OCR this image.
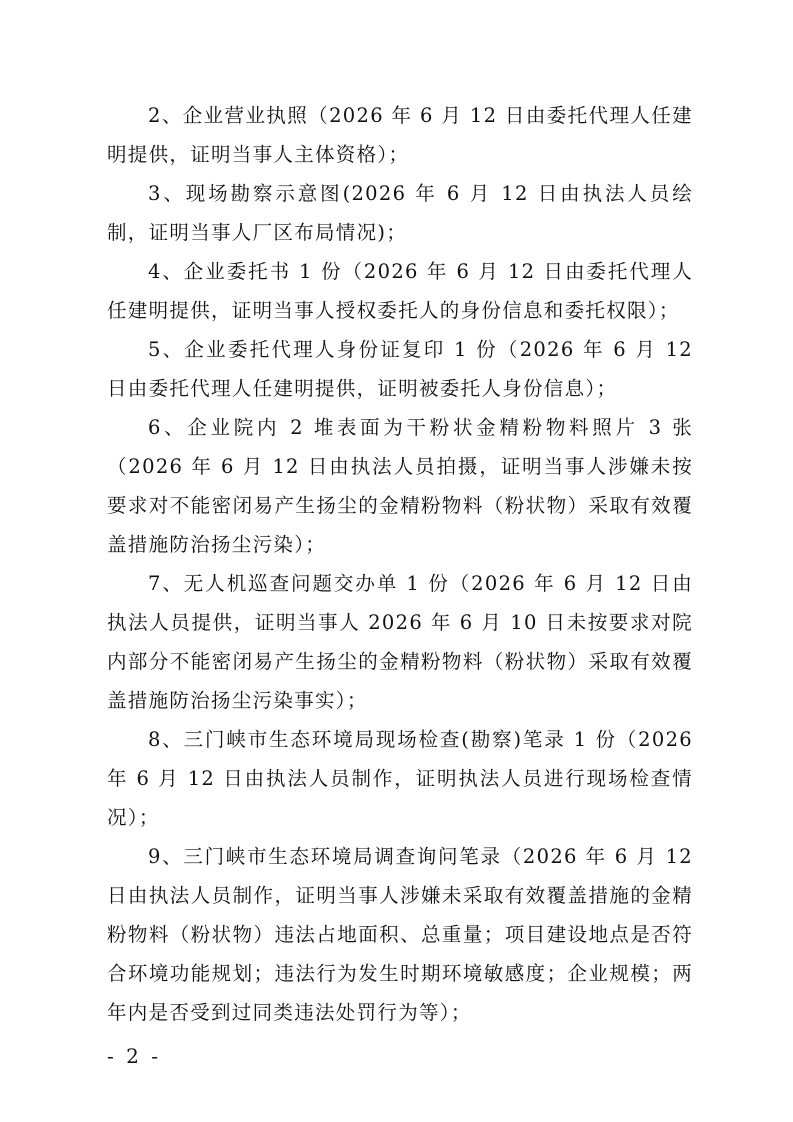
2、企业营业执照（2026 年 6 月 12 日由委托代理人任建明提供，证明当事人主体资格）；

3、现场勘察示意图(2026 年 6 月 12 日由执法人员绘制，证明当事人厂区布局情况)；

4、企业委托书 1 份（2026 年 6 月 12 日由委托代理人任建明提供，证明当事人授权委托人的身份信息和委托权限）；

5、企业委托代理人身份证复印 1 份（2026 年 6 月 12 日由委托代理人任建明提供，证明被委托人身份信息）；

6、企业院内 2 堆表面为干粉状金精粉物料照片 3 张（2026 年 6 月 12 日由执法人员拍摄，证明当事人涉嫌未按要求对不能密闭易产生扬尘的金精粉物料（粉状物）采取有效覆盖措施防治扬尘污染）；

7、无人机巡查问题交办单 1 份（2026 年 6 月 12 日由执法人员提供，证明当事人 2026 年 6 月 10 日未按要求对院内部分不能密闭易产生扬尘的金精粉物料（粉状物）采取有效覆盖措施防治扬尘污染事实）；

8、三门峡市生态环境局现场检查(勘察)笔录 1 份（2026 年 6 月 12 日由执法人员制作，证明执法人员进行现场检查情况）；

9、三门峡市生态环境局调查询问笔录（2026 年 6 月 12 日由执法人员制作，证明当事人涉嫌未采取有效覆盖措施的金精粉物料（粉状物）违法占地面积、总重量；项目建设地点是否符合环境功能规划；违法行为发生时期环境敏感度；企业规模；两年内是否受到过同类违法处罚行为等）；

- 2 -
